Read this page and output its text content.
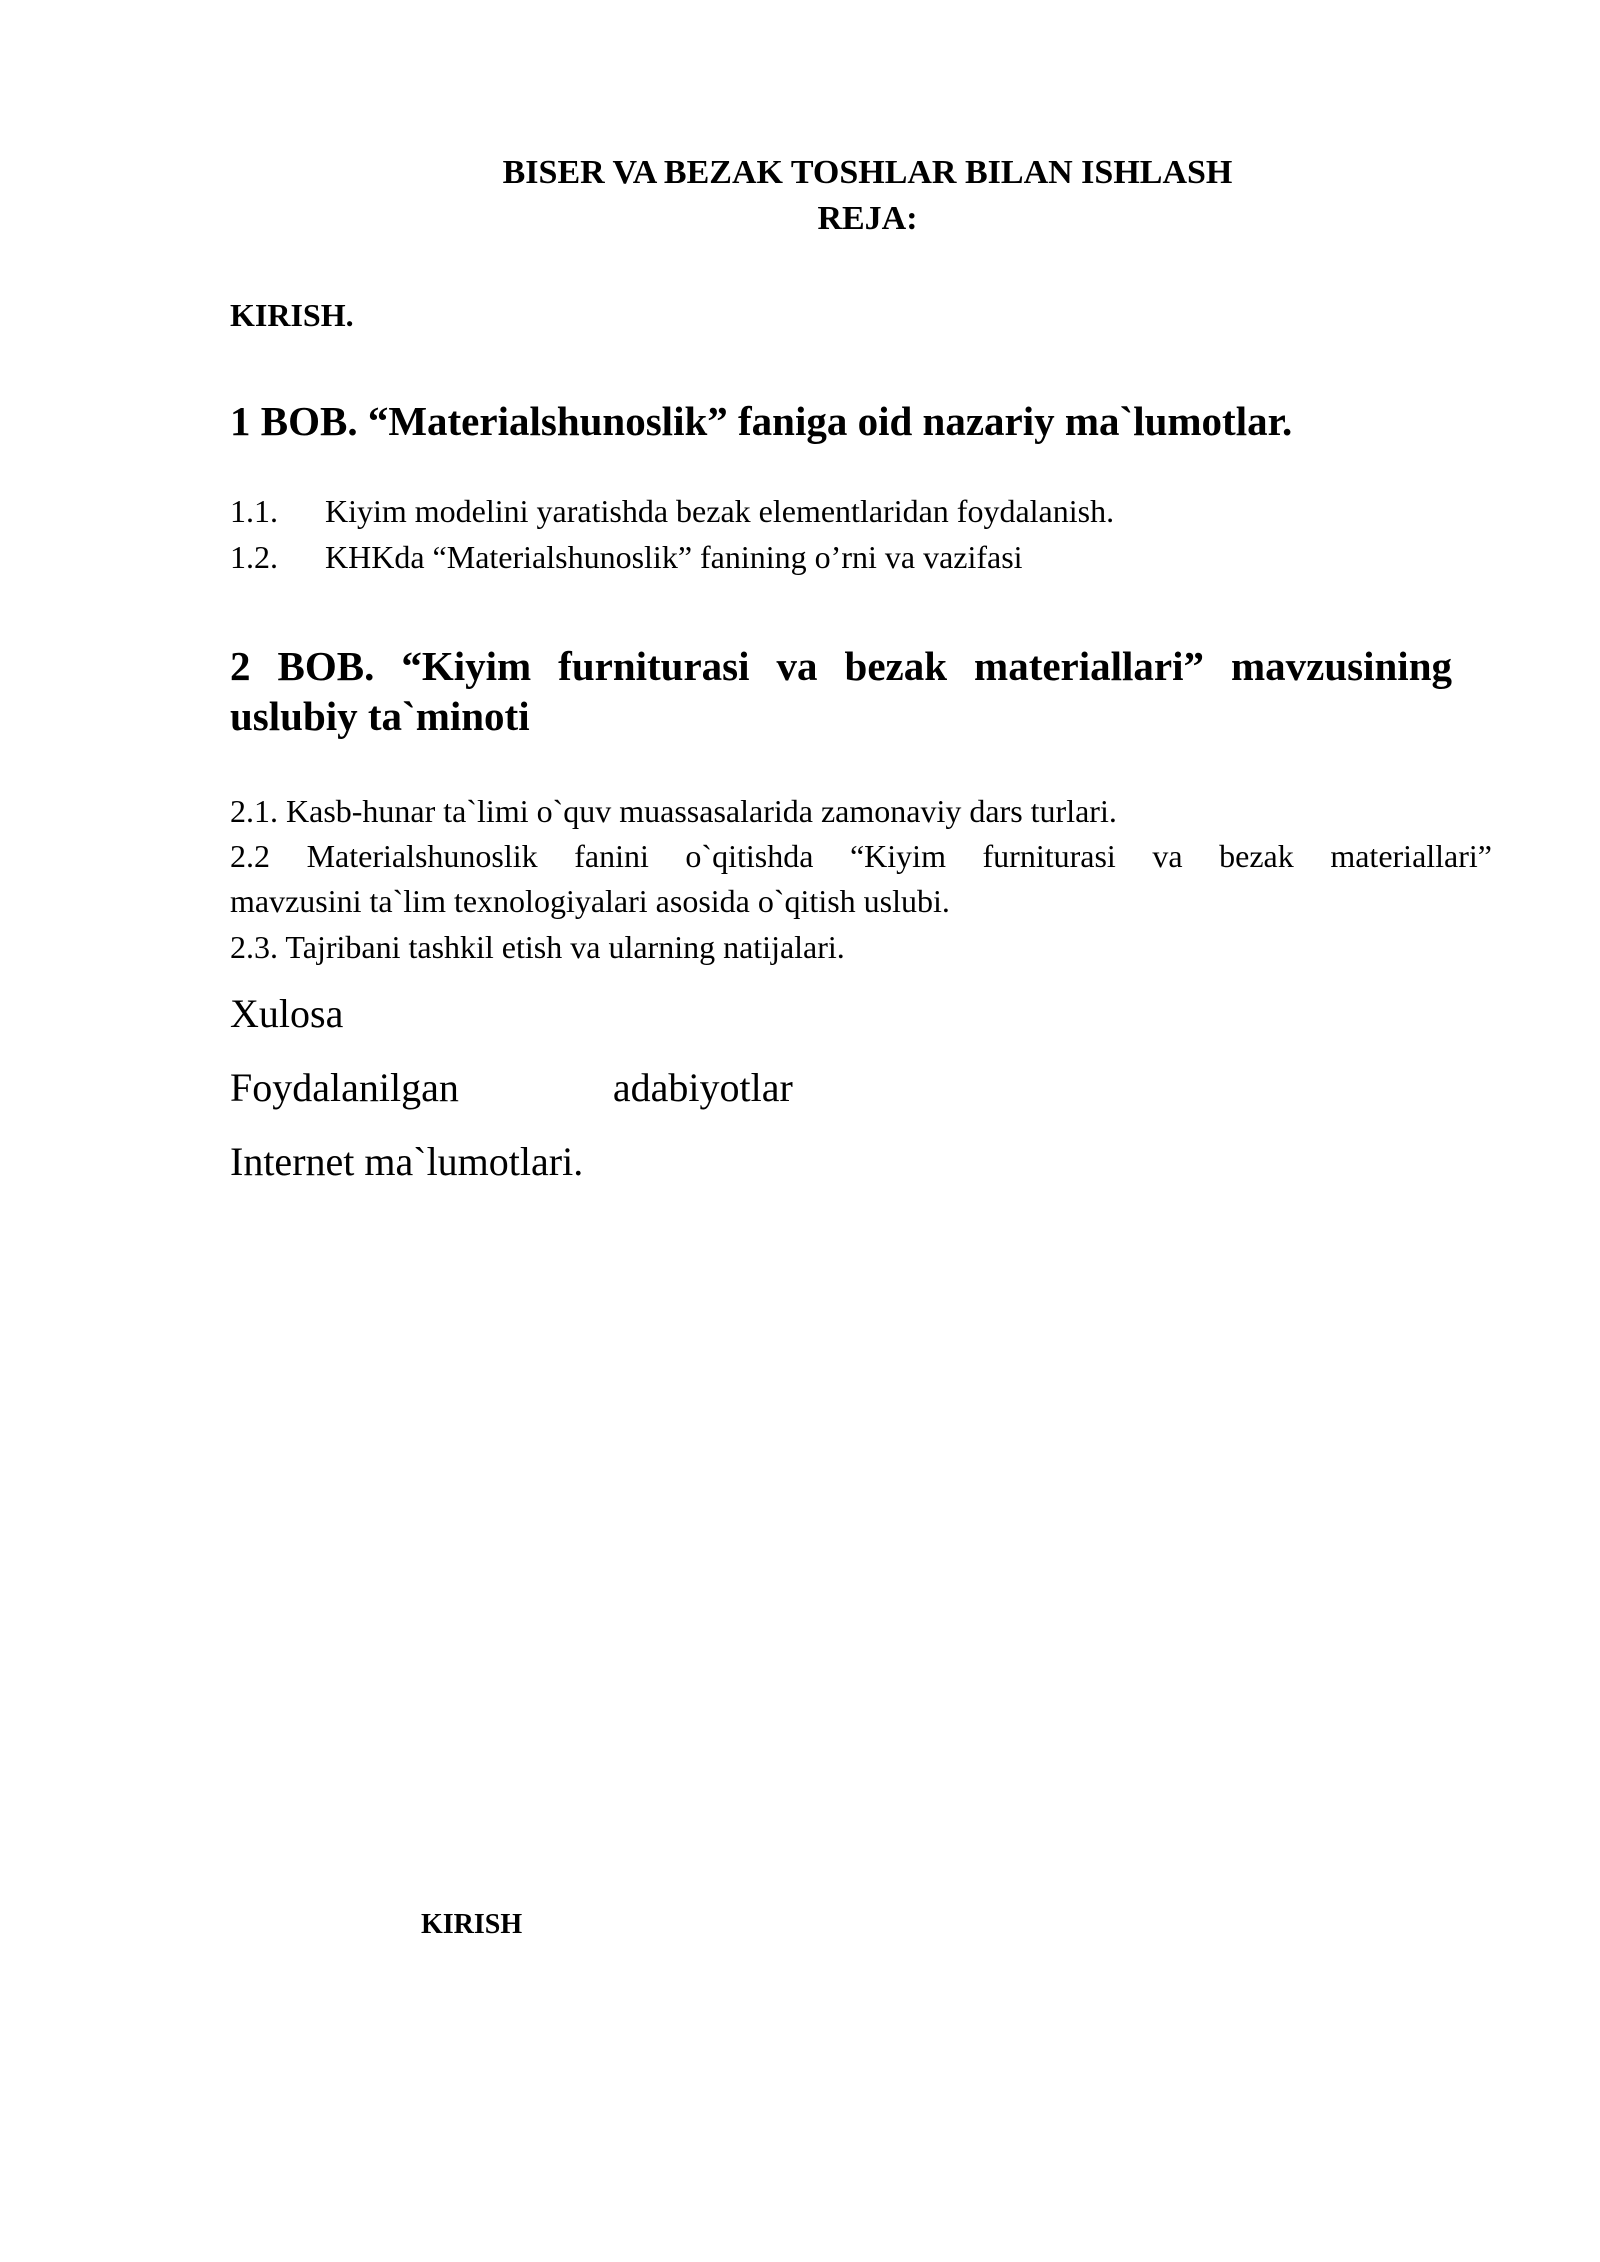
BISER VA BEZAK TOSHLAR BILAN ISHLASH
REJA:
KIRISH.
1 BOB. “Materialshunoslik” faniga oid nazariy ma`lumotlar.
1.1. Kiyim modelini yaratishda bezak elementlaridan foydalanish.
1.2. KHKda “Materialshunoslik” fanining o’rni va vazifasi
2 BOB. “Kiyim furniturasi va bezak materiallari” mavzusining
uslubiy ta`minoti
2.1. Kasb-hunar ta`limi o`quv muassasalarida zamonaviy dars turlari.
2.2 Materialshunoslik fanini o`qitishda “Kiyim furniturasi va bezak materiallari”
mavzusini ta`lim texnologiyalari asosida o`qitish uslubi.
2.3. Tajribani tashkil etish va ularning natijalari.
Xulosa
Foydalanilgan	adabiyotlar
Internet ma`lumotlari.
KIRISH
